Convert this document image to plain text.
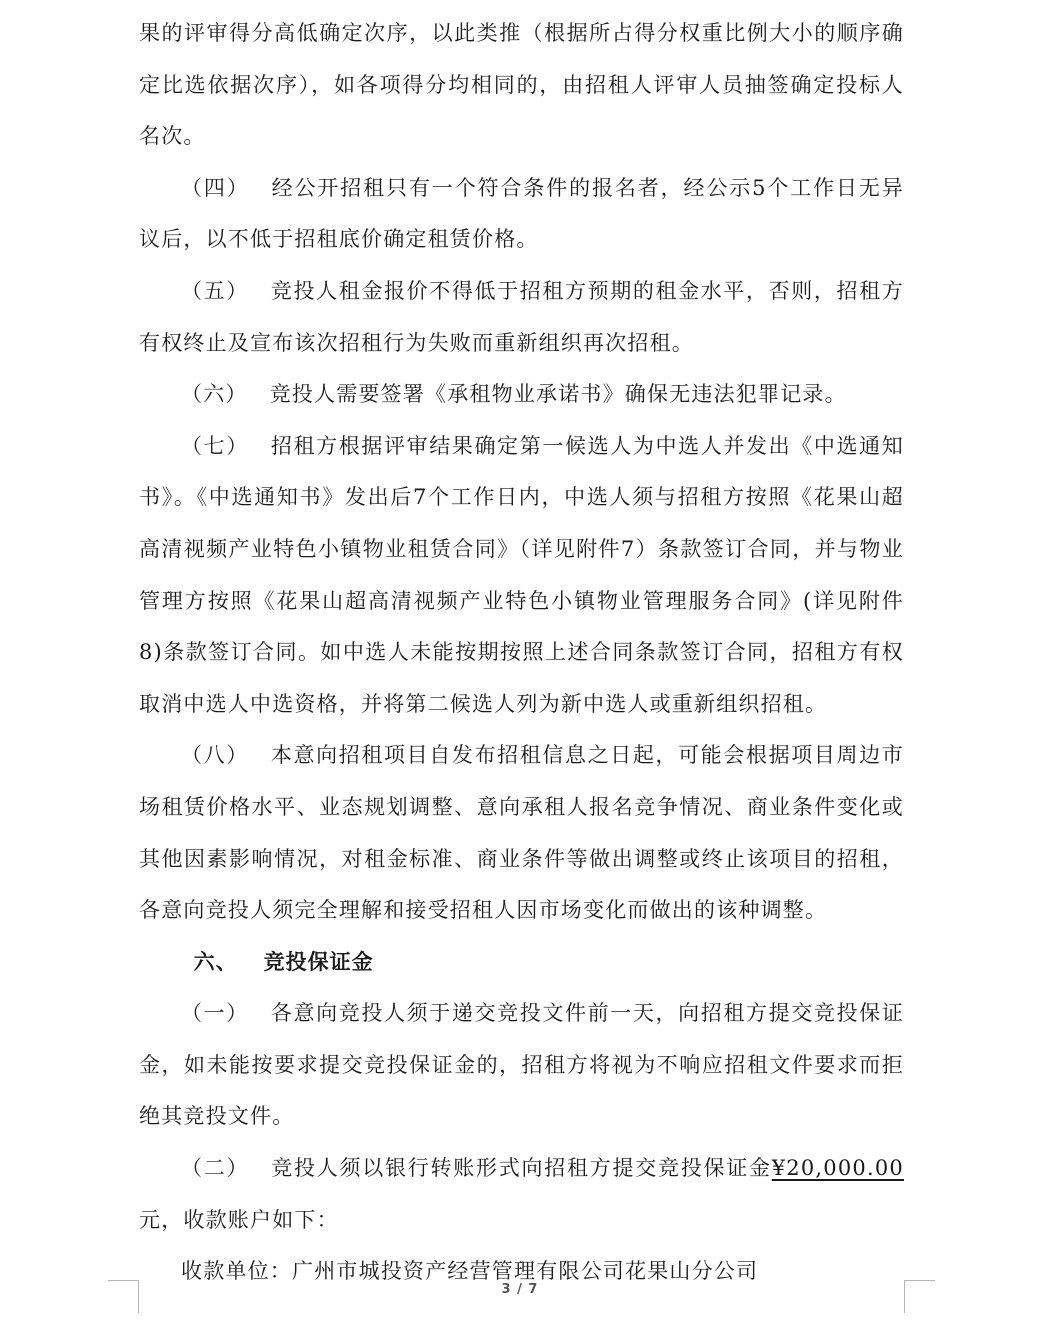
果的评审得分高低确定次序，以此类推（根据所占得分权重比例大小的顺序确定比选依据次序），如各项得分均相同的，由招租人评审人员抽签确定投标人名次。

（四） 经公开招租只有一个符合条件的报名者，经公示5个工作日无异议后，以不低于招租底价确定租赁价格。

（五） 竞投人租金报价不得低于招租方预期的租金水平，否则，招租方有权终止及宣布该次招租行为失败而重新组织再次招租。

（六） 竞投人需要签署《承租物业承诺书》确保无违法犯罪记录。

（七） 招租方根据评审结果确定第一候选人为中选人并发出《中选通知书》。《中选通知书》发出后7个工作日内，中选人须与招租方按照《花果山超高清视频产业特色小镇物业租赁合同》（详见附件7）条款签订合同，并与物业管理方按照《花果山超高清视频产业特色小镇物业管理服务合同》(详见附件8)条款签订合同。如中选人未能按期按照上述合同条款签订合同，招租方有权取消中选人中选资格，并将第二候选人列为新中选人或重新组织招租。

（八） 本意向招租项目自发布招租信息之日起，可能会根据项目周边市场租赁价格水平、业态规划调整、意向承租人报名竞争情况、商业条件变化或其他因素影响情况，对租金标准、商业条件等做出调整或终止该项目的招租，各意向竞投人须完全理解和接受招租人因市场变化而做出的该种调整。

六、 竞投保证金

（一） 各意向竞投人须于递交竞投文件前一天，向招租方提交竞投保证金，如未能按要求提交竞投保证金的，招租方将视为不响应招租文件要求而拒绝其竞投文件。

（二） 竞投人须以银行转账形式向招租方提交竞投保证金¥20,000.00元，收款账户如下：

收款单位：广州市城投资产经营管理有限公司花果山分公司

3 / 7
